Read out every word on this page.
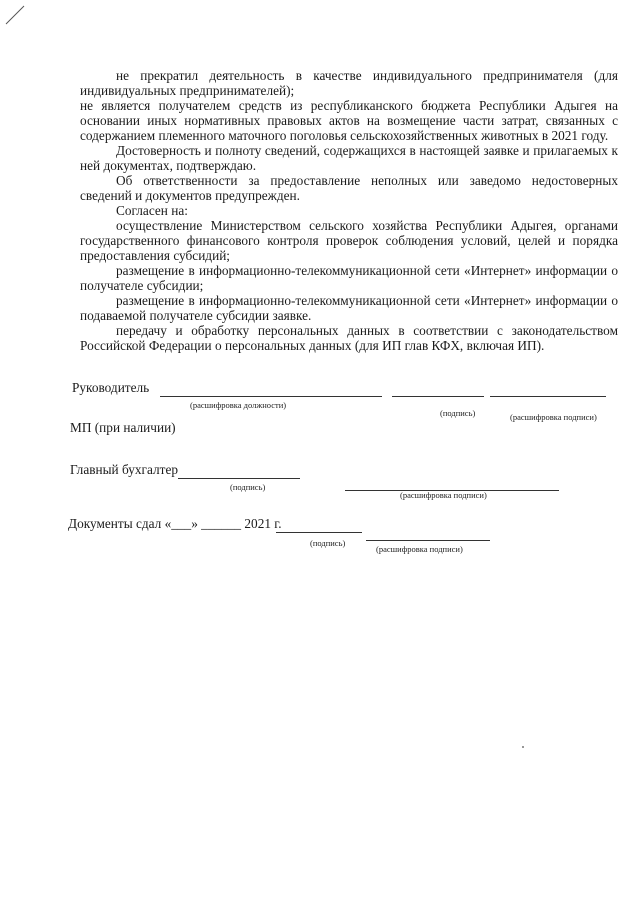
не прекратил деятельность в качестве индивидуального предпринимателя (для индивидуальных предпринимателей);

не является получателем средств из республиканского бюджета Республики Адыгея на основании иных нормативных правовых актов на возмещение части затрат, связанных с содержанием племенного маточного поголовья сельскохозяйственных животных в 2021 году.

Достоверность и полноту сведений, содержащихся в настоящей заявке и прилагаемых к ней документах, подтверждаю.

Об ответственности за предоставление неполных или заведомо недостоверных сведений и документов предупрежден.

Согласен на:

осуществление Министерством сельского хозяйства Республики Адыгея, органами государственного финансового контроля проверок соблюдения условий, целей и порядка предоставления субсидий;

размещение в информационно-телекоммуникационной сети «Интернет» информации о получателе субсидии;

размещение в информационно-телекоммуникационной сети «Интернет» информации о подаваемой получателе субсидии заявке.

передачу и обработку персональных данных в соответствии с законодательством Российской Федерации о персональных данных (для ИП глав КФХ, включая ИП).

Руководитель
(расшифровка должности)
(подпись)	(расшифровка подписи)
МП (при наличии)
Главный бухгалтер
(подпись)
(расшифровка подписи)
Документы сдал «___» ______ 2021 г.
(подпись)
(расшифровка подписи)
